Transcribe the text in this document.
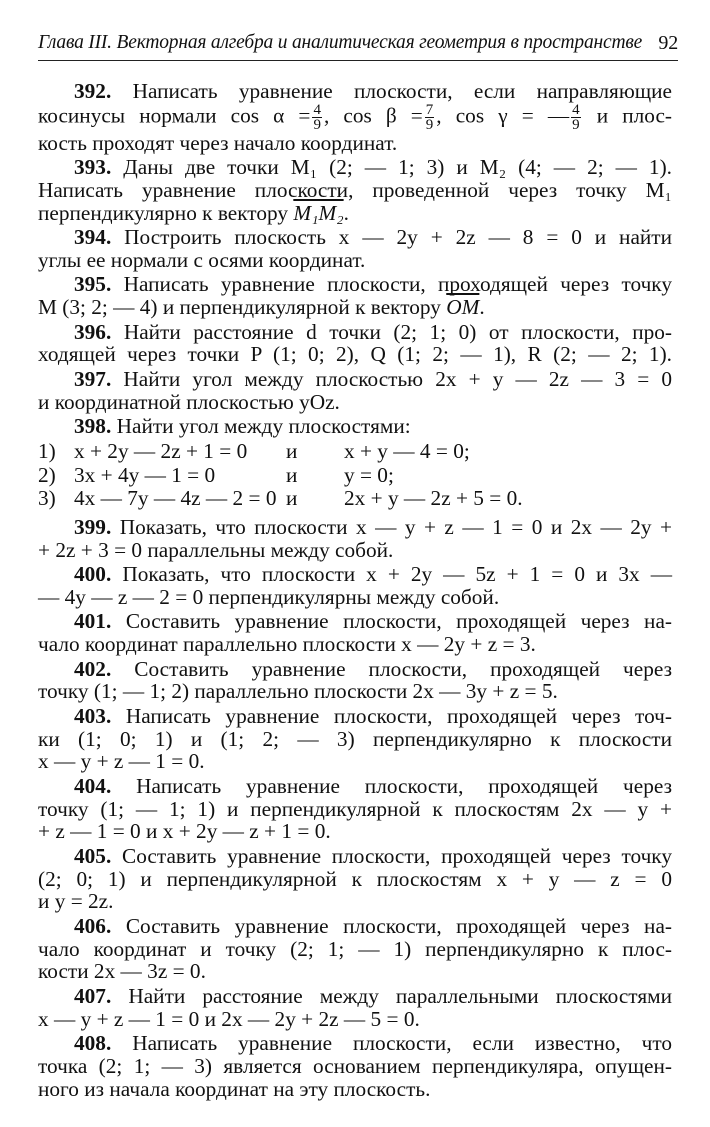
Глава III. Векторная алгебра и аналитическая геометрия в пространстве 92
392. Написать уравнение плоскости, если направляющие
косинусы нормали $\cos \alpha = \frac{4}{9}$ , $\cos \beta = \frac{7}{9}$ , cos γ = — $\frac{4}{9}$ и плос-
кость проходят через начало координат.
393. Даны две точки M₁ (2; — 1; 3) и M₂ (4; — 2; — 1).
Написать уравнение плоскости, проведенной через точку M₁
перпендикулярно к вектору M₁M₂.
394. Построить плоскость x — 2y + 2z — 8 = 0 и найти
углы ее нормали с осями координат.
395. Написать уравнение плоскости, проходящей через точку
M (3; 2; — 4) и перпендикулярной к вектору $\overline{OM}$.
396. Найти расстояние d точки (2; 1; 0) от плоскости, про-
ходящей через точки P (1; 0; 2), Q (1; 2; — 1), R (2; — 2; 1).
397. Найти угол между плоскостью 2x + y — 2z — 3 = 0
и координатной плоскостью yOz.
398. Найти угол между плоскостями:
1) x + 2y — 2z + 1 = 0	и	x + y — 4 = 0;
2) 3x + 4y — 1 = 0	и	y = 0;
3) 4x — 7y — 4z — 2 = 0 и	2x + y — 2z + 5 = 0.
399. Показать, что плоскости x — y + z — 1 = 0 и 2x — 2y +
+ 2z + 3 = 0 параллельны между собой.
400. Показать, что плоскости x + 2y — 5z + 1 = 0 и 3x —
— 4y — z — 2 = 0 перпендикулярны между собой.
401. Составить уравнение плоскости, проходящей через на-
чало координат параллельно плоскости x — 2y + z = 3.
402. Составить уравнение плоскости, проходящей через
точку (1; — 1; 2) параллельно плоскости 2x — 3y + z = 5.
403. Написать уравнение плоскости, проходящей через точ-
ки (1; 0; 1) и (1; 2; — 3) перпендикулярно к плоскости
x — y + z — 1 = 0.
404. Написать уравнение плоскости, проходящей через
точку (1; — 1; 1) и перпендикулярной к плоскостям 2x — y +
+ z — 1 = 0 и x + 2y — z + 1 = 0.
405. Составить уравнение плоскости, проходящей через точку
(2; 0; 1) и перпендикулярной к плоскостям x + y — z = 0
и y = 2z.
406. Составить уравнение плоскости, проходящей через на-
чало координат и точку (2; 1; — 1) перпендикулярно к плос-
кости 2x — 3z = 0.
407. Найти расстояние между параллельными плоскостями
x — y + z — 1 = 0 и 2x — 2y + 2z — 5 = 0.
408. Написать уравнение плоскости, если известно, что
точка (2; 1; — 3) является основанием перпендикуляра, опущен-
ного из начала координат на эту плоскость.
